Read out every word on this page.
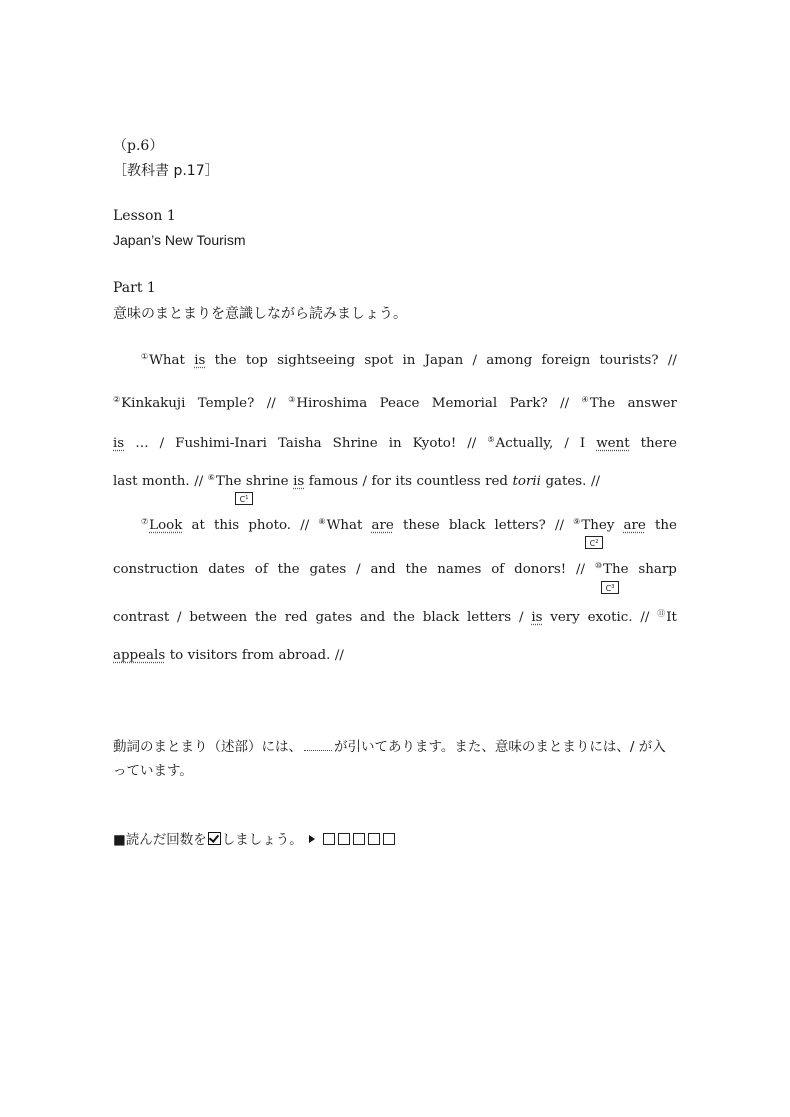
（p.6）
［教科書 p.17］
Lesson 1
Japan’s New Tourism
Part 1
意味のまとまりを意識しながら読みましょう。
①What is the top sightseeing spot in Japan / among foreign tourists? //
②Kinkakuji Temple? // ③Hiroshima Peace Memorial Park? // ④The answer
is … / Fushimi-Inari Taisha Shrine in Kyoto! // ⑤Actually, / I went there
last month. // ⑥The shrine is famous / for its countless red torii gates. //
⑦Look at this photo. // ⑧What are these black letters? // ⑨They are the
construction dates of the gates / and the names of donors! // ⑩The sharp
contrast / between the red gates and the black letters / is very exotic. // ⑪It
appeals to visitors from abroad. //
$C^1$
$C^2$
$C^3$
動詞のまとまり（述部）には、 が引いてあります。また、意味のまとまりには、/ が入
っています。
■読んだ回数を しましょう。
